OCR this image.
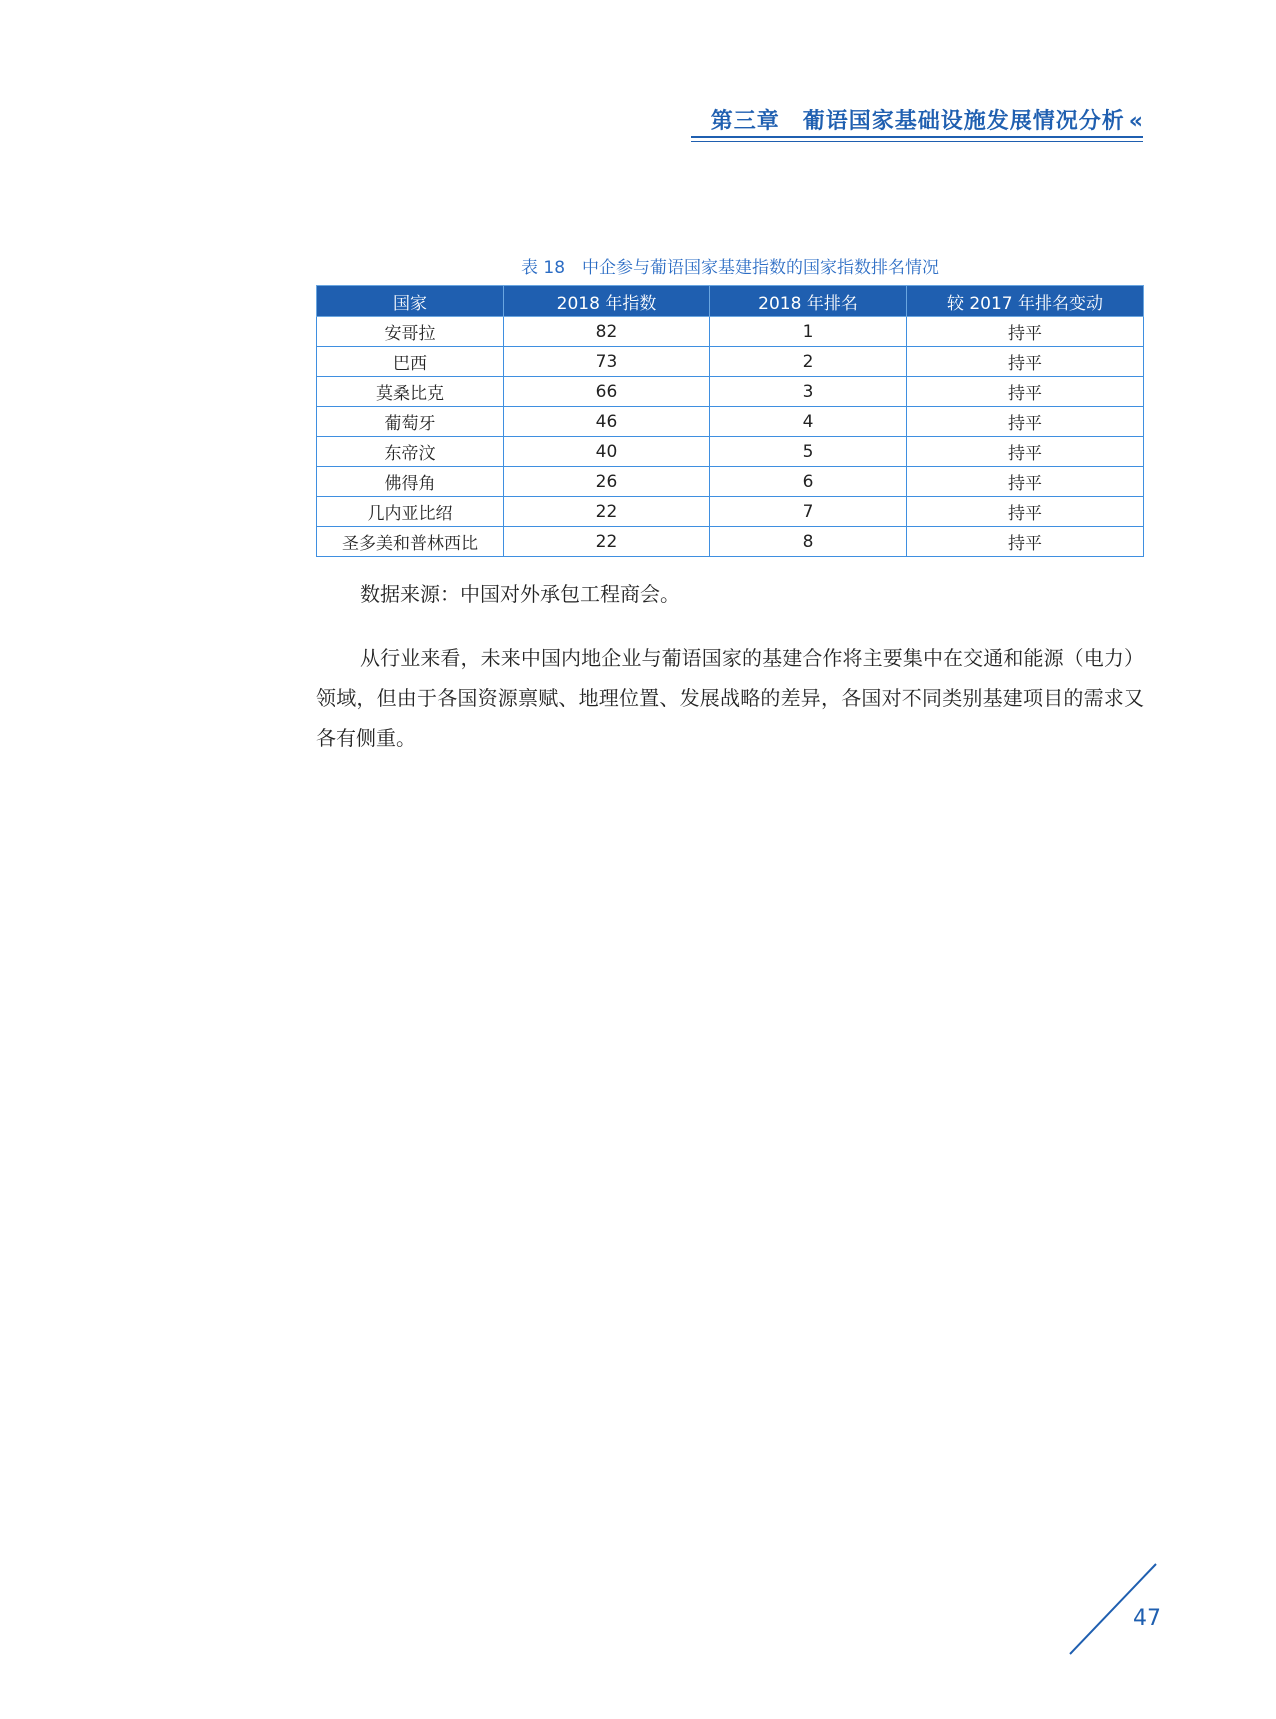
第三章　葡语国家基础设施发展情况分析 «
表 18　中企参与葡语国家基建指数的国家指数排名情况
国家	2018 年指数	2018 年排名	较 2017 年排名变动
安哥拉	82	1	持平
巴西	73	2	持平
莫桑比克	66	3	持平
葡萄牙	46	4	持平
东帝汶	40	5	持平
佛得角	26	6	持平
几内亚比绍	22	7	持平
圣多美和普林西比	22	8	持平
数据来源：中国对外承包工程商会。

从行业来看，未来中国内地企业与葡语国家的基建合作将主要集中在交通和能源（电力）领域，但由于各国资源禀赋、地理位置、发展战略的差异，各国对不同类别基建项目的需求又各有侧重。

47
